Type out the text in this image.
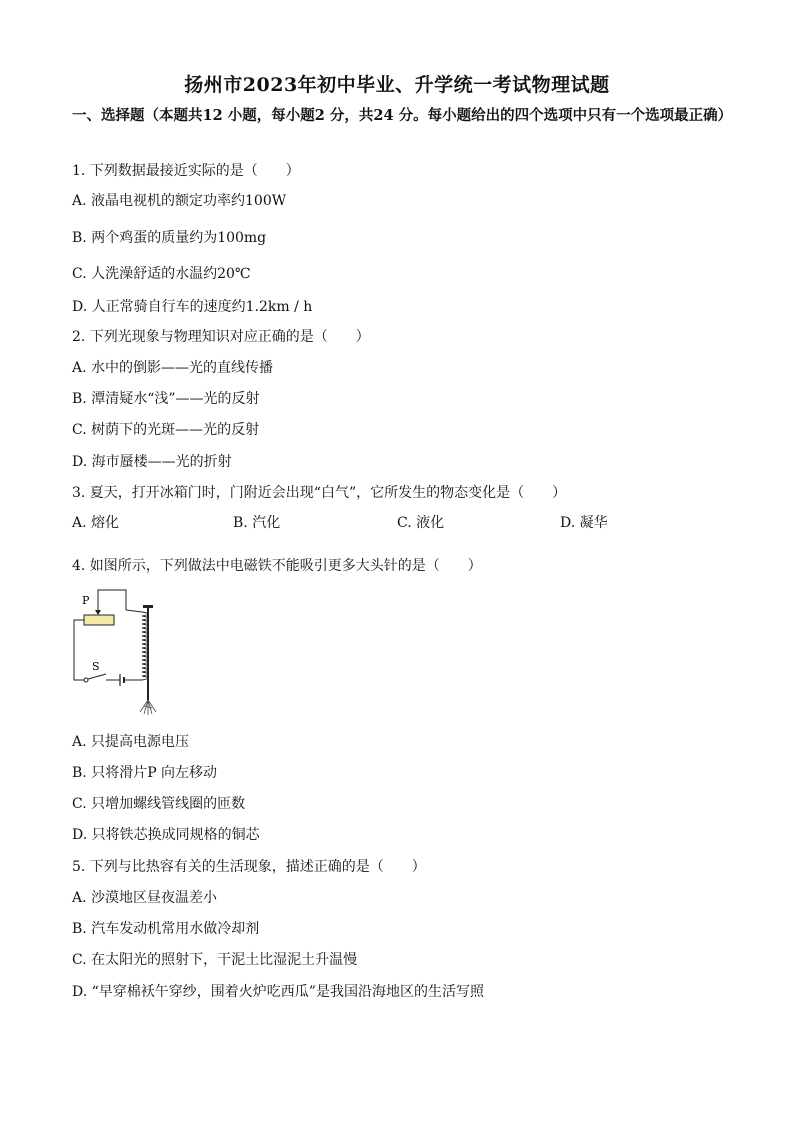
扬州市2023年初中毕业、升学统一考试物理试题
一、选择题（本题共12 小题，每小题2 分，共24 分。每小题给出的四个选项中只有一个选项最正确）
1. 下列数据最接近实际的是（　　）
A. 液晶电视机的额定功率约100W
B. 两个鸡蛋的质量约为100mg
C. 人洗澡舒适的水温约20℃
D. 人正常骑自行车的速度约1.2km / h
2. 下列光现象与物理知识对应正确的是（　　）
A. 水中的倒影——光的直线传播
B. 潭清疑水“浅”——光的反射
C. 树荫下的光斑——光的反射
D. 海市蜃楼——光的折射
3. 夏天，打开冰箱门时，门附近会出现“白气”，它所发生的物态变化是（　　）
A. 熔化	B. 汽化	C. 液化	D. 凝华
4. 如图所示，下列做法中电磁铁不能吸引更多大头针的是（　　）
P
S
A. 只提高电源电压
B. 只将滑片P 向左移动
C. 只增加螺线管线圈的匝数
D. 只将铁芯换成同规格的铜芯
5. 下列与比热容有关的生活现象，描述正确的是（　　）
A. 沙漠地区昼夜温差小
B. 汽车发动机常用水做冷却剂
C. 在太阳光的照射下，干泥土比湿泥土升温慢
D. “早穿棉袄午穿纱，围着火炉吃西瓜”是我国沿海地区的生活写照
